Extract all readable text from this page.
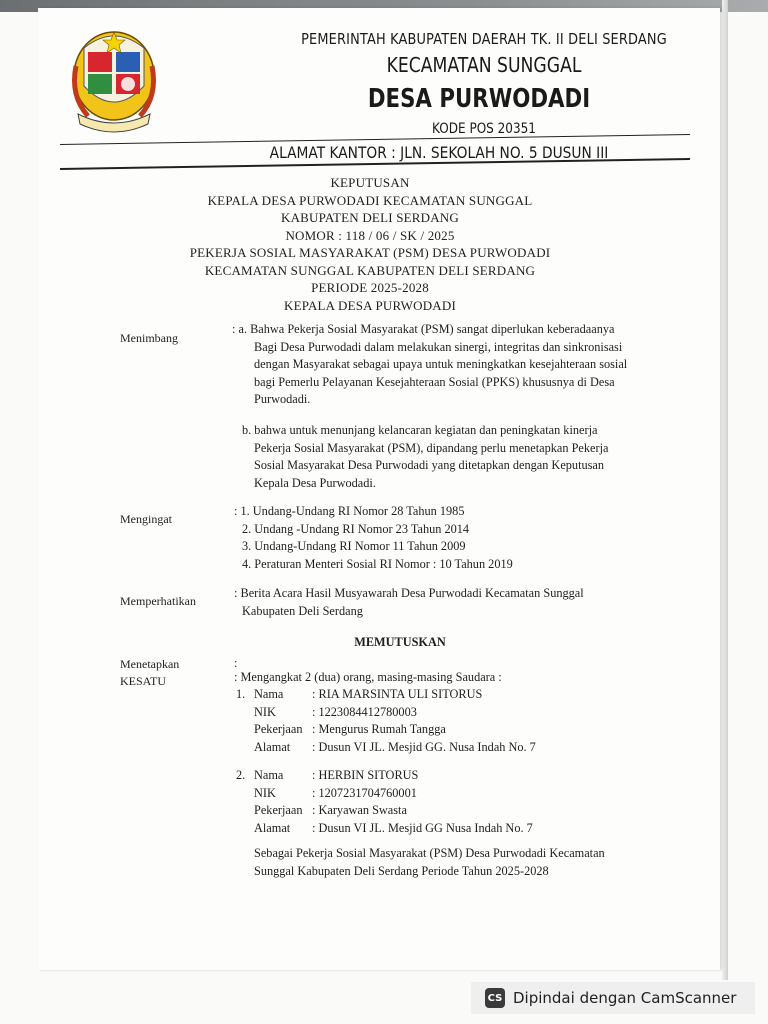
PEMERINTAH KABUPATEN DAERAH TK. II DELI SERDANG
KECAMATAN SUNGGAL
DESA PURWODADI
KODE POS 20351
ALAMAT KANTOR : JLN. SEKOLAH NO. 5 DUSUN III
KEPUTUSAN
KEPALA DESA PURWODADI KECAMATAN SUNGGAL
KABUPATEN DELI SERDANG
NOMOR : 118 / 06 / SK / 2025
PEKERJA SOSIAL MASYARAKAT (PSM) DESA PURWODADI
KECAMATAN SUNGGAL KABUPATEN DELI SERDANG
PERIODE 2025-2028
KEPALA DESA PURWODADI
Menimbang
: a. Bahwa Pekerja Sosial Masyarakat (PSM) sangat diperlukan keberadaanya
Bagi Desa Purwodadi dalam melakukan sinergi, integritas dan sinkronisasi
dengan Masyarakat sebagai upaya untuk meningkatkan kesejahteraan sosial
bagi Pemerlu Pelayanan Kesejahteraan Sosial (PPKS) khususnya di Desa
Purwodadi.
b. bahwa untuk menunjang kelancaran kegiatan dan peningkatan kinerja
Pekerja Sosial Masyarakat (PSM), dipandang perlu menetapkan Pekerja
Sosial Masyarakat Desa Purwodadi yang ditetapkan dengan Keputusan
Kepala Desa Purwodadi.
Mengingat
: 1. Undang-Undang RI Nomor 28 Tahun 1985
2. Undang -Undang RI Nomor 23 Tahun 2014
3. Undang-Undang RI Nomor 11 Tahun 2009
4. Peraturan Menteri Sosial RI Nomor : 10 Tahun 2019
Memperhatikan
: Berita Acara Hasil Musyawarah Desa Purwodadi Kecamatan Sunggal
Kabupaten Deli Serdang
MEMUTUSKAN
Menetapkan
KESATU
:
: Mengangkat 2 (dua) orang, masing-masing Saudara :
1. Nama	: RIA MARSINTA ULI SITORUS
NIK	: 1223084412780003
Pekerjaan : Mengurus Rumah Tangga
Alamat	: Dusun VI JL. Mesjid GG. Nusa Indah No. 7
2. Nama	: HERBIN SITORUS
NIK	: 1207231704760001
Pekerjaan : Karyawan Swasta
Alamat	: Dusun VI JL. Mesjid GG Nusa Indah No. 7
Sebagai Pekerja Sosial Masyarakat (PSM) Desa Purwodadi Kecamatan
Sunggal Kabupaten Deli Serdang Periode Tahun 2025-2028
CS Dipindai dengan CamScanner
